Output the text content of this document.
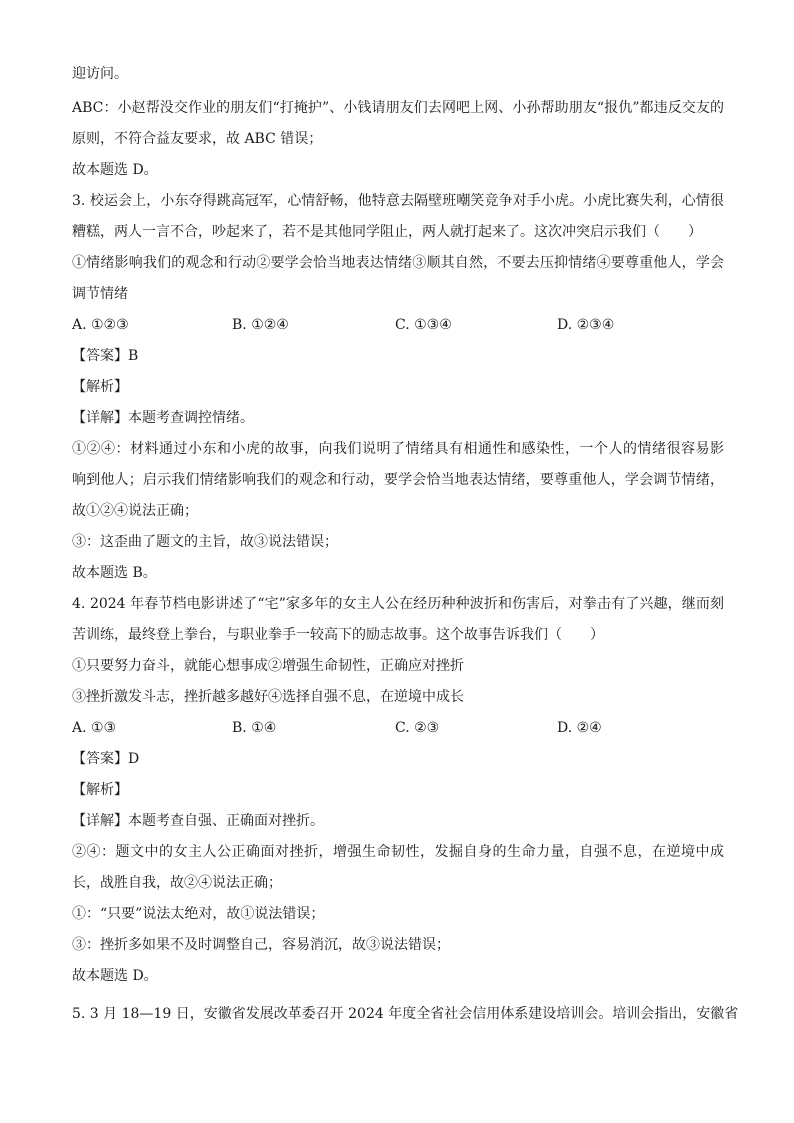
迎访问。
ABC：小赵帮没交作业的朋友们“打掩护”、小钱请朋友们去网吧上网、小孙帮助朋友“报仇”都违反交友的
原则，不符合益友要求，故 ABC 错误；
故本题选 D。
3. 校运会上，小东夺得跳高冠军，心情舒畅，他特意去隔壁班嘲笑竞争对手小虎。小虎比赛失利，心情很
糟糕，两人一言不合，吵起来了，若不是其他同学阻止，两人就打起来了。这次冲突启示我们（　　）
①情绪影响我们的观念和行动②要学会恰当地表达情绪③顺其自然，不要去压抑情绪④要尊重他人，学会
调节情绪
A. ①②③	B. ①②④	C. ①③④	D. ②③④
【答案】B
【解析】
【详解】本题考查调控情绪。
①②④：材料通过小东和小虎的故事，向我们说明了情绪具有相通性和感染性，一个人的情绪很容易影
响到他人；启示我们情绪影响我们的观念和行动，要学会恰当地表达情绪，要尊重他人，学会调节情绪，
故①②④说法正确；
③：这歪曲了题文的主旨，故③说法错误；
故本题选 B。
4. 2024 年春节档电影讲述了“宅”家多年的女主人公在经历种种波折和伤害后，对拳击有了兴趣，继而刻
苦训练，最终登上拳台，与职业拳手一较高下的励志故事。这个故事告诉我们（　　）
①只要努力奋斗，就能心想事成②增强生命韧性，正确应对挫折
③挫折激发斗志，挫折越多越好④选择自强不息，在逆境中成长
A. ①③	B. ①④	C. ②③	D. ②④
【答案】D
【解析】
【详解】本题考查自强、正确面对挫折。
②④：题文中的女主人公正确面对挫折，增强生命韧性，发掘自身的生命力量，自强不息，在逆境中成
长，战胜自我，故②④说法正确；
①：“只要”说法太绝对，故①说法错误；
③：挫折多如果不及时调整自己，容易消沉，故③说法错误；
故本题选 D。
5. 3 月 18—19 日，安徽省发展改革委召开 2024 年度全省社会信用体系建设培训会。培训会指出，安徽省
